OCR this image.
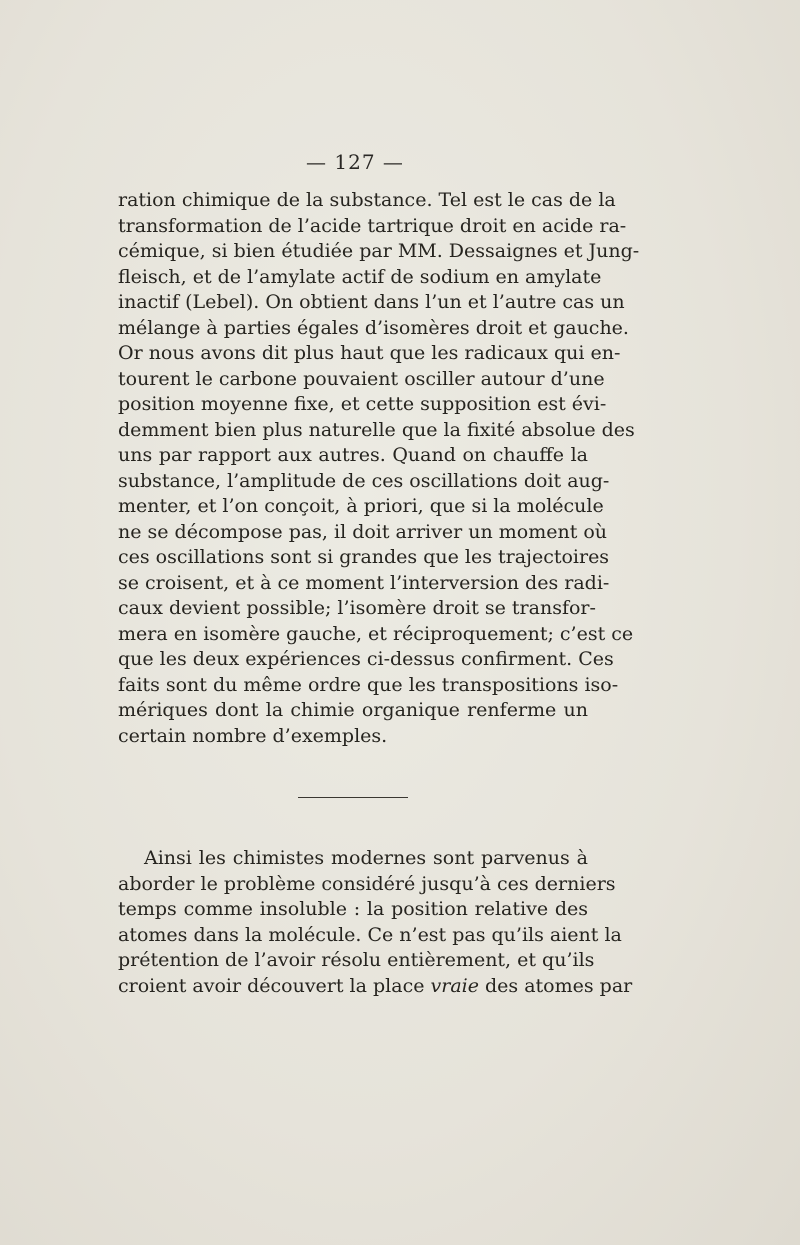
— 127 —
ration chimique de la substance. Tel est le cas de la
transformation de l’acide tartrique droit en acide ra-
cémique, si bien étudiée par MM. Dessaignes et Jung-
fleisch, et de l’amylate actif de sodium en amylate
inactif (Lebel). On obtient dans l’un et l’autre cas un
mélange à parties égales d’isomères droit et gauche.
Or nous avons dit plus haut que les radicaux qui en-
tourent le carbone pouvaient osciller autour d’une
position moyenne fixe, et cette supposition est évi-
demment bien plus naturelle que la fixité absolue des
uns par rapport aux autres. Quand on chauffe la
substance, l’amplitude de ces oscillations doit aug-
menter, et l’on conçoit, à priori, que si la molécule
ne se décompose pas, il doit arriver un moment où
ces oscillations sont si grandes que les trajectoires
se croisent, et à ce moment l’interversion des radi-
caux devient possible; l’isomère droit se transfor-
mera en isomère gauche, et réciproquement; c’est ce
que les deux expériences ci-dessus confirment. Ces
faits sont du même ordre que les transpositions iso-
mériques dont la chimie organique renferme un
certain nombre d’exemples.
Ainsi les chimistes modernes sont parvenus à
aborder le problème considéré jusqu’à ces derniers
temps comme insoluble : la position relative des
atomes dans la molécule. Ce n’est pas qu’ils aient la
prétention de l’avoir résolu entièrement, et qu’ils
croient avoir découvert la place vraie des atomes par
